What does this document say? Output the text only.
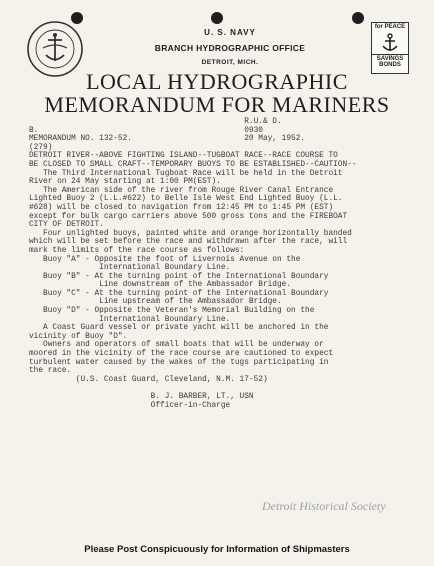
for PEACE
SAVINGS BONDS
U. S. NAVY
BRANCH HYDROGRAPHIC OFFICE
DETROIT, MICH.
LOCAL HYDROGRAPHIC
MEMORANDUM FOR MARINERS

R.U.& D.

B.                                            0930

MEMORANDUM NO. 132-52.                        20 May, 1952.

(279)

DETROIT RIVER--ABOVE FIGHTING ISLAND--TUGBOAT RACE--RACE COURSE TO

BE CLOSED TO SMALL CRAFT--TEMPORARY BUOYS TO BE ESTABLISHED--CAUTION--

The Third International Tugboat Race will be held in the Detroit

River on 24 May starting at 1:00 PM(EST).

The American side of the river from Rouge River Canal Entrance

Lighted Buoy 2 (L.L.#622) to Belle Isle West End Lighted Buoy (L.L.

#628) will be closed to navigation from 12:45 PM to 1:45 PM (EST)

except for bulk cargo carriers above 500 gross tons and the FIREBOAT

CITY OF DETROIT.

Four unlighted buoys, painted white and orange horizontally banded

which will be set before the race and withdrawn after the race, will

mark the limits of the race course as follows:

Buoy "A" - Opposite the foot of Livernois Avenue on the

International Boundary Line.

Buoy "B" - At the turning point of the International Boundary

Line downstream of the Ambassador Bridge.

Buoy "C" - At the turning point of the International Boundary

Line upstream of the Ambassador Bridge.

Buoy "D" - Opposite the Veteran's Memorial Building on the

International Boundary Line.

A Coast Guard vessel or private yacht will be anchored in the

vicinity of Buoy "D".

Owners and operators of small boats that will be underway or

moored in the vicinity of the race course are cautioned to expect

turbulent water caused by the wakes of the tugs participating in

the race.

(U.S. Coast Guard, Cleveland, N.M. 17-52)

B. J. BARBER, LT., USN

Officer-in-Charge

Detroit Historical Society
Please Post Conspicuously for Information of Shipmasters
